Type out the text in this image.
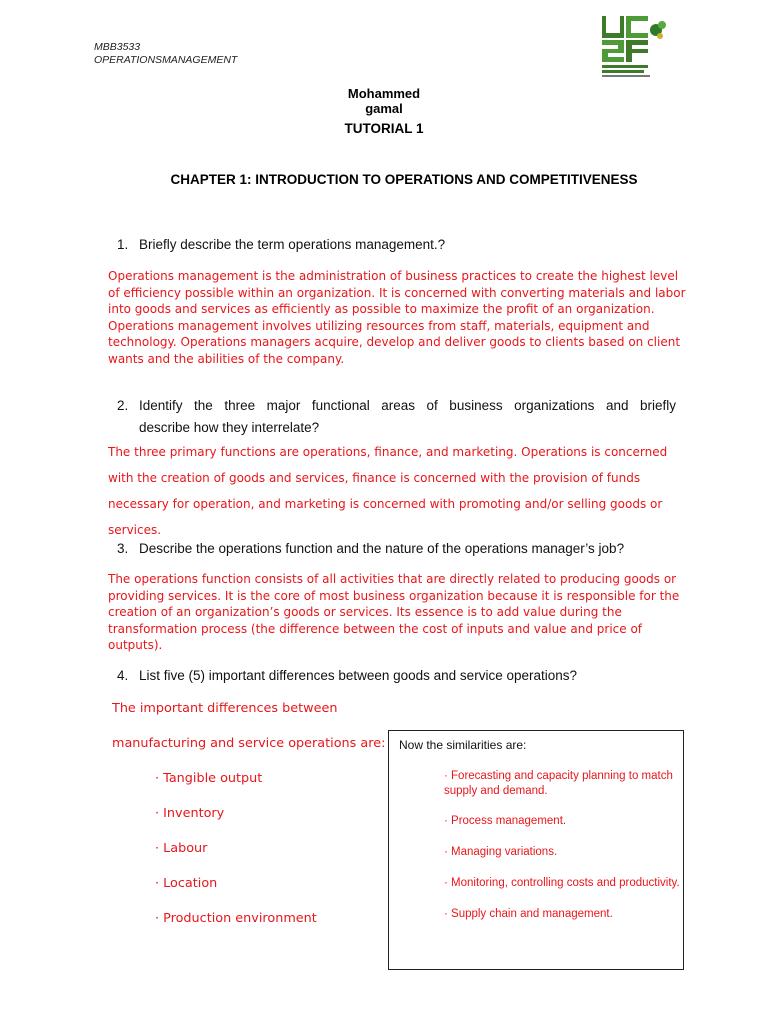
MBB3533
OPERATIONSMANAGEMENT
Mohammed
gamal
TUTORIAL 1
CHAPTER 1: INTRODUCTION TO OPERATIONS AND COMPETITIVENESS
1. Briefly describe the term operations management.?
Operations management is the administration of business practices to create the highest level of efficiency possible within an organization. It is concerned with converting materials and labor into goods and services as efficiently as possible to maximize the profit of an organization. Operations management involves utilizing resources from staff, materials, equipment and technology. Operations managers acquire, develop and deliver goods to clients based on client wants and the abilities of the company.
2. Identify the three major functional areas of business organizations and briefly
describe how they interrelate?
The three primary functions are operations, finance, and marketing. Operations is concerned with the creation of goods and services, finance is concerned with the provision of funds necessary for operation, and marketing is concerned with promoting and/or selling goods or services.
3. Describe the operations function and the nature of the operations manager’s job?
The operations function consists of all activities that are directly related to producing goods or providing services. It is the core of most business organization because it is responsible for the creation of an organization’s goods or services. Its essence is to add value during the transformation process (the difference between the cost of inputs and value and price of outputs).
4. List five (5) important differences between goods and service operations?
The important differences between
manufacturing and service operations are:
· Tangible output
· Inventory
· Labour
· Location
· Production environment
Now the similarities are:
· Forecasting and capacity planning to match supply and demand.
· Process management.
· Managing variations.
· Monitoring, controlling costs and productivity.
· Supply chain and management.
